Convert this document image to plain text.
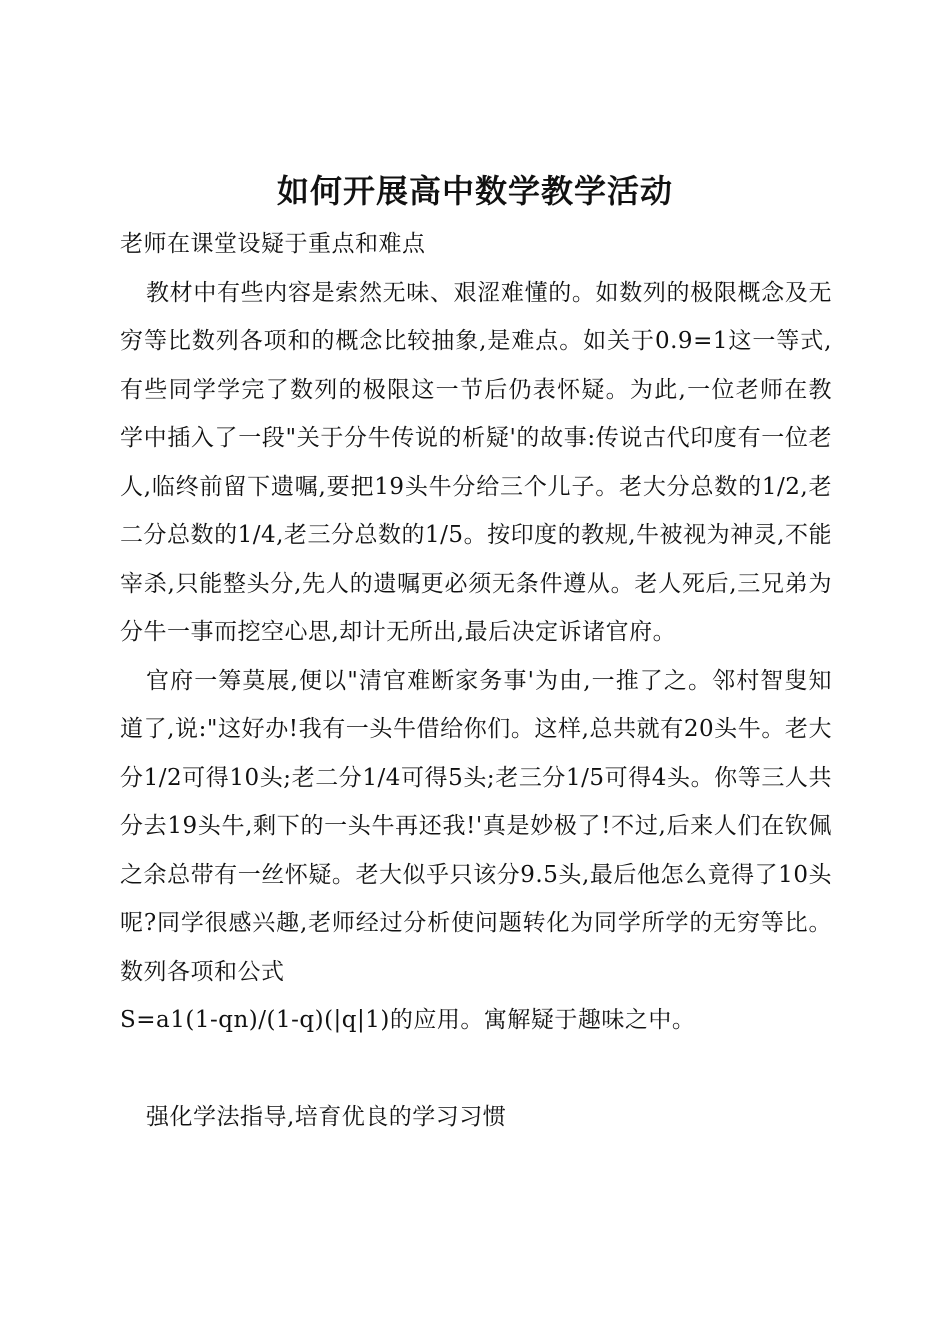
如何开展高中数学教学活动

老师在课堂设疑于重点和难点

教材中有些内容是索然无味、艰涩难懂的。如数列的极限概念及无穷等比数列各项和的概念比较抽象,是难点。如关于0.9=1这一等式,有些同学学完了数列的极限这一节后仍表怀疑。为此,一位老师在教学中插入了一段"关于分牛传说的析疑'的故事:传说古代印度有一位老人,临终前留下遗嘱,要把19头牛分给三个儿子。老大分总数的1/2,老二分总数的1/4,老三分总数的1/5。按印度的教规,牛被视为神灵,不能宰杀,只能整头分,先人的遗嘱更必须无条件遵从。老人死后,三兄弟为分牛一事而挖空心思,却计无所出,最后决定诉诸官府。

官府一筹莫展,便以"清官难断家务事'为由,一推了之。邻村智叟知道了,说:"这好办!我有一头牛借给你们。这样,总共就有20头牛。老大分1/2可得10头;老二分1/4可得5头;老三分1/5可得4头。你等三人共分去19头牛,剩下的一头牛再还我!'真是妙极了!不过,后来人们在钦佩之余总带有一丝怀疑。老大似乎只该分9.5头,最后他怎么竟得了10头呢?同学很感兴趣,老师经过分析使问题转化为同学所学的无穷等比。 数列各项和公式

S=a1(1-qn)/(1-q)(|q|1)的应用。寓解疑于趣味之中。

强化学法指导,培育优良的学习习惯
